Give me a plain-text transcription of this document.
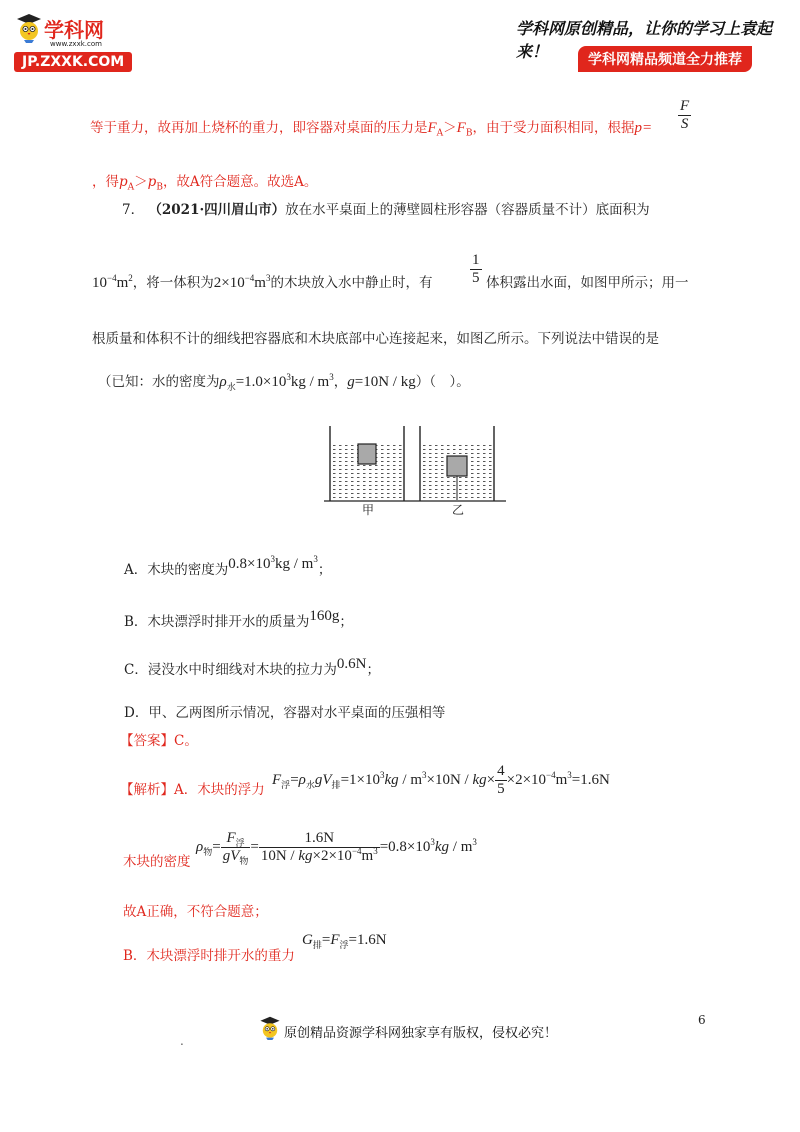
学科网
www.zxxk.com
JP.ZXXK.COM
学科网原创精品，让你的学习上袁起来！	学科网精品频道全力推荐
等于重力，故再加上烧杯的重力，即容器对桌面的压力是$F_A>F_B$，由于受力面积相同，根据$p= \frac{F}{S}$
，得$p_A>p_B$，故A符合题意。故选A。
7． （2021·四川眉山市）放在水平桌面上的薄壁圆柱形容器（容器质量不计）底面积为
$10^{-4}m^2$，将一体积为$2\times 10^{-4}m^3$的木块放入水中静止时，有	$\frac{1}{5}$ 体积露出水面，如图甲所示；用一
根质量和体积不计的细线把容器底和木块底部中心连接起来，如图乙所示。下列说法中错误的是
（已知：水的密度为$\rho_水=1.0\times 10^3kg / m^3$，g=10N / kg）（　）。
甲	乙
A．木块的密度为$0.8\times 10^3kg / m^3$；
B．木块漂浮时排开水的质量为160g；
C．浸没水中时细线对木块的拉力为0.6N；
D．甲、乙两图所示情况，容器对水平桌面的压强相等
【答案】C。
【解析】A．木块的浮力
$F_浮=\rho_水gV_排=1\times 10^3kg / m^3\times 10N / kg\times \frac{4}{5} \times 2\times 10^{-4}m^3=1.6N$
木块的密度
$\rho_物= \frac{F_浮}{gV_物} = \frac{1.6N}{10N / kg\times 2\times 10^{-4}m^3} =0.8\times 10^3kg / m^3$
故A正确，不符合题意；
B．木块漂浮时排开水的重力
$G_排=F_浮=1.6N$
6
.	原创精品资源学科网独家享有版权，侵权必究！
